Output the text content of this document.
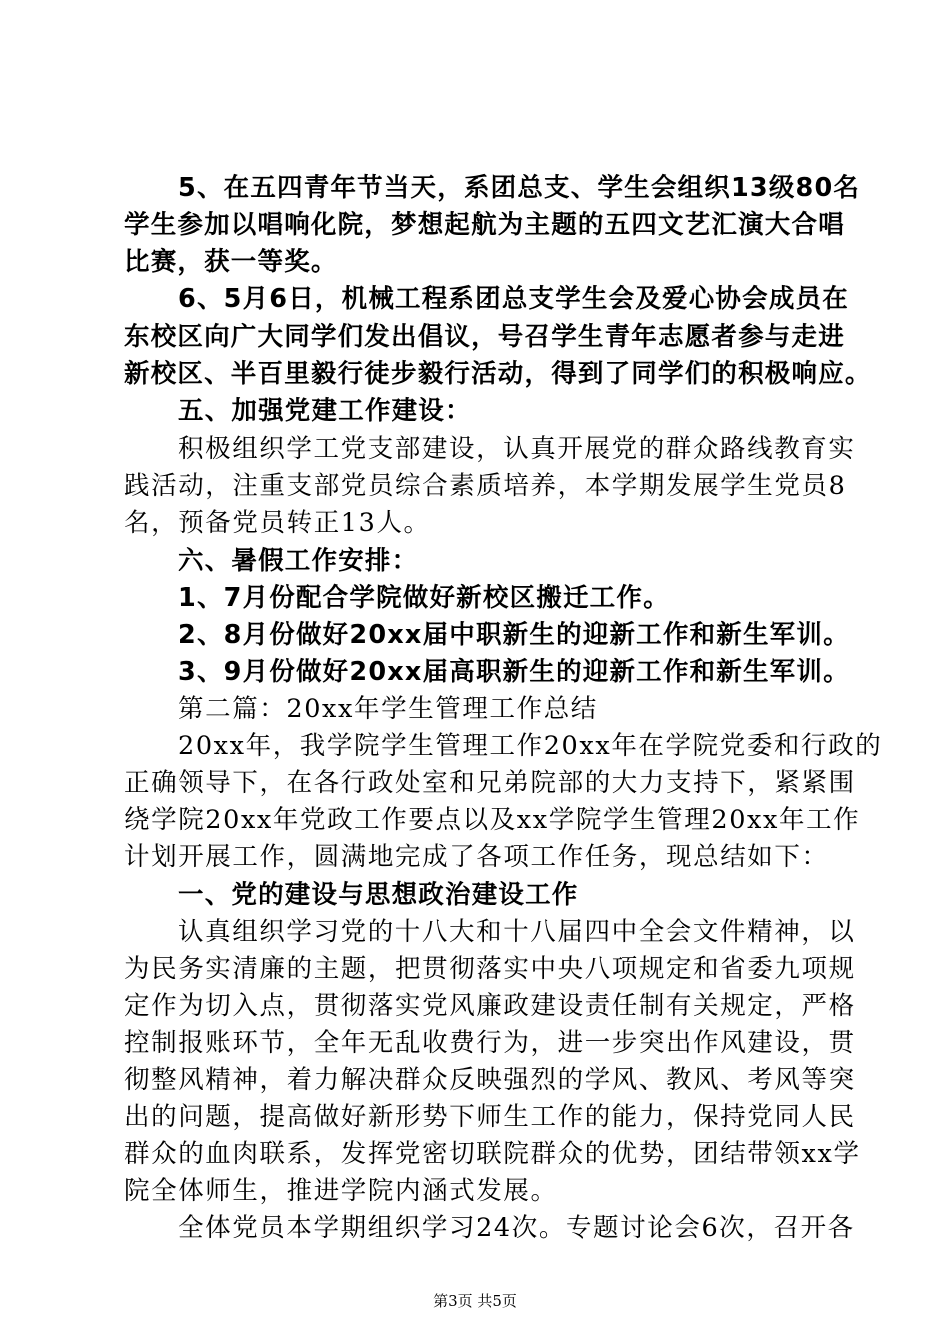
5、在五四青年节当天，系团总支、学生会组织13级80名
学生参加以唱响化院，梦想起航为主题的五四文艺汇演大合唱
比赛，获一等奖。
6、5月6日，机械工程系团总支学生会及爱心协会成员在
东校区向广大同学们发出倡议，号召学生青年志愿者参与走进
新校区、半百里毅行徒步毅行活动，得到了同学们的积极响应。
五、加强党建工作建设：
积极组织学工党支部建设，认真开展党的群众路线教育实
践活动，注重支部党员综合素质培养，本学期发展学生党员8
名，预备党员转正13人。
六、暑假工作安排：
1、7月份配合学院做好新校区搬迁工作。
2、8月份做好20xx届中职新生的迎新工作和新生军训。
3、9月份做好20xx届高职新生的迎新工作和新生军训。
第二篇：20xx年学生管理工作总结
20xx年，我学院学生管理工作20xx年在学院党委和行政的
正确领导下，在各行政处室和兄弟院部的大力支持下，紧紧围
绕学院20xx年党政工作要点以及xx学院学生管理20xx年工作
计划开展工作，圆满地完成了各项工作任务，现总结如下：
一、党的建设与思想政治建设工作
认真组织学习党的十八大和十八届四中全会文件精神，以
为民务实清廉的主题，把贯彻落实中央八项规定和省委九项规
定作为切入点，贯彻落实党风廉政建设责任制有关规定，严格
控制报账环节，全年无乱收费行为，进一步突出作风建设，贯
彻整风精神，着力解决群众反映强烈的学风、教风、考风等突
出的问题，提高做好新形势下师生工作的能力，保持党同人民
群众的血肉联系，发挥党密切联院群众的优势，团结带领xx学
院全体师生，推进学院内涵式发展。
全体党员本学期组织学习24次。专题讨论会6次，召开各
第3页 共5页
